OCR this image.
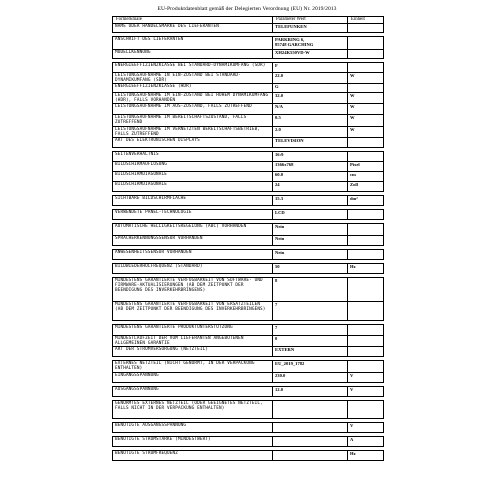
EU-Produktdatenblatt gemäß der Delegierten Verordnung (EU) Nr. 2019/2013
Formerkmale	Parameter Wert	Einheit
NAME ODER HANDELSMARKE DES LIEFERANTEN	TELEFUNKEN	

ANSCHRIFT DES LIEFERANTEN	PARKRING 6,
85748 GARCHING	
MODELLKENNUNG	XH24K550VD-W	

ENERGIEEFFIZIENZKLASSE BEI STANDARD-DYNAMIKUMFANG (SDR)	F	
LEISTUNGSAUFNAHME IN EIN-ZUSTAND BEI STANDARD-DYNAMIKUMFANG (SDR)	22.0	W
ENERGIEEFFIZIENZKLASSE (HDR)	G	
LEISTUNGSAUFNAHME IM EIN-ZUSTAND BEI HOHEM DYNAMIKUMFANG (HDR), FALLS VORHANDEN	32.0	W
LEISTUNGSAUFNAHME IM AUS-ZUSTAND, FALLS ZUTREFFEND	N/A	W
LEISTUNGSAUFNAHME IM BEREITSCHAFTSZUSTAND, FALLS ZUTREFFEND	0.5	W
LEISTUNGSAUFNAHME IM VERNETZTEN BEREITSCHAFTSBETRIEB, FALLS ZUTREFFEND	2.0	W
ART DES ELEKTRONISCHEN DISPLAYS	TELEVISION	

SEITENVERHÄLTNIS	16:9	
BILDSCHIRMAUFLÖSUNG	1366x768	Pixel
BILDSCHIRMDIAGONALE	60.0	cm
BILDSCHIRMDIAGONALE	24	Zoll

SICHTBARE BILDSCHIRMFLÄCHE	15.3	dm²

VERWENDETE PANEL-TECHNOLOGIE	LCD	

AUTOMATISCHE HELLIGKEITSREGELUNG (ABC) VORHANDEN	Nein	
SPRACHERKENNUNGSSENSOR VORHANDEN	Nein	

ANWESENHEITSSENSOR VORHANDEN	Nein	

BILDWIEDERHOLFREQUENZ (STANDARD)	50	Hz

MINDESTENS GARANTIERTE VERFÜGBARKEIT VON SOFTWARE- UND FIRMWARE-AKTUALISIERUNGEN (AB DEM ZEITPUNKT DER BEENDIGUNG DES INVERKEHRBRINGENS)	8	
MINDESTENS GARANTIERTE VERFÜGBARKEIT VON ERSATZTEILEN (AB DEM ZEITPUNKT DER BEENDIGUNG DES INVERKEHRBRINGENS)	7	

MINDESTENS GARANTIERTE PRODUKTUNTERSTÜTZUNG	7	
MINDESTLAUFZEIT DER VOM LIEFERANTEN ANGEBOTENEN ALLGEMEINEN GARANTIE	0	
ART DER STROMVERSORGUNG (NETZTEIL)	EXTERN	

EXTERNES NETZTEIL (NICHT GENORMT, IN DER VERPACKUNG ENTHALTEN)	EU_2019_1782	
EINGANGSSPANNUNG	230.0	V

AUSGANGSSPANNUNG	12.0	V

GENORMTES EXTERNES NETZTEIL (ODER GEEIGNETES NETZTEIL, FALLS NICHT IN DER VERPACKUNG ENTHALTEN)		

BENÖTIGTE AUSGANGSSPANNUNG		V

BENÖTIGTE STROMSTÄRKE (MINDESTWERT)		A

BENÖTIGTE STROMFREQUENZ		Hz
